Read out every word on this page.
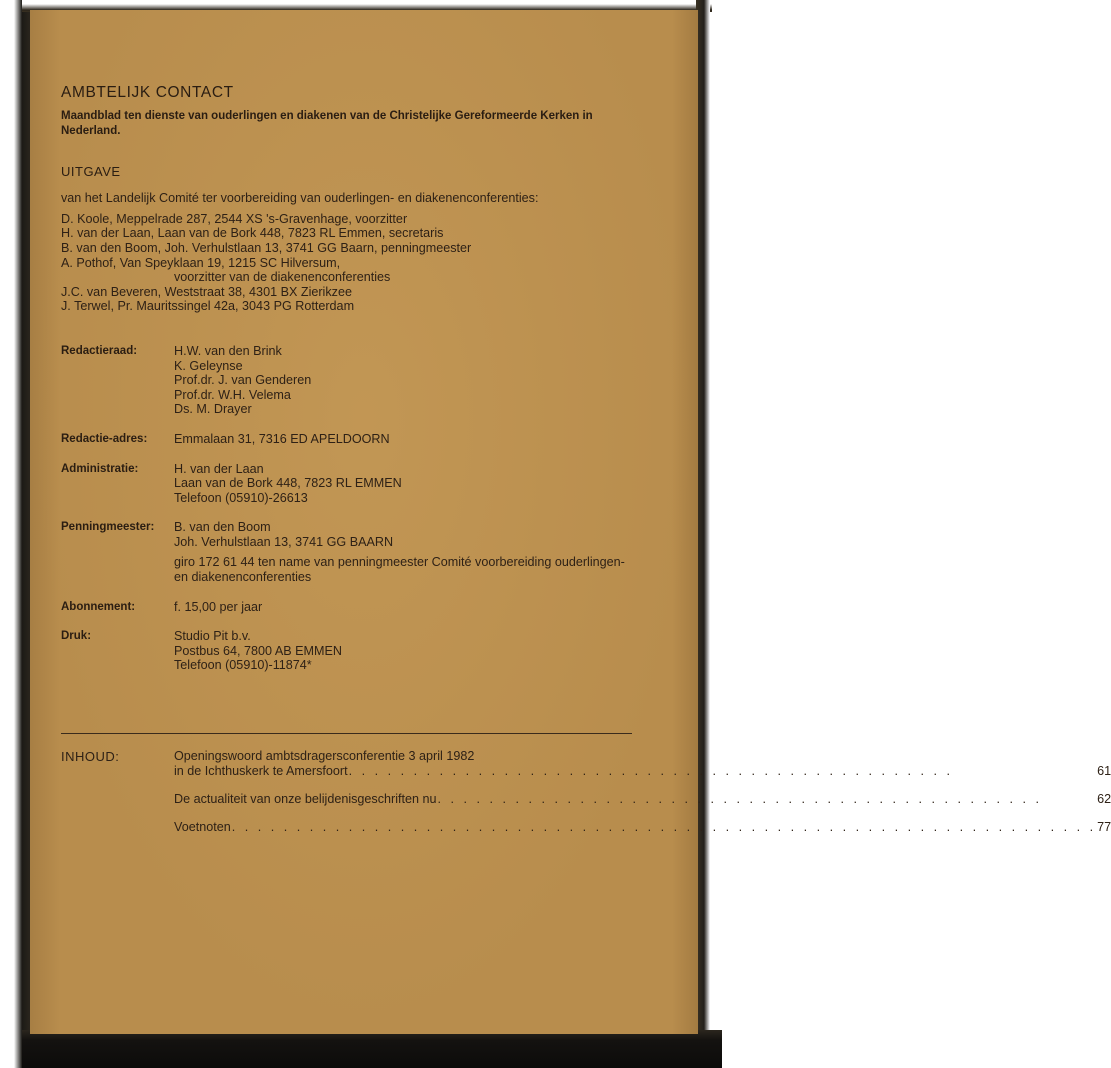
AMBTELIJK CONTACT

Maandblad ten dienste van ouderlingen en diakenen van de Christelijke Gereformeerde Kerken in Nederland.

UITGAVE

van het Landelijk Comité ter voorbereiding van ouderlingen- en diakenenconferenties:

D. Koole, Meppelrade 287, 2544 XS 's-Gravenhage, voorzitter
H. van der Laan, Laan van de Bork 448, 7823 RL Emmen, secretaris
B. van den Boom, Joh. Verhulstlaan 13, 3741 GG Baarn, penningmeester
A. Pothof, Van Speyklaan 19, 1215 SC Hilversum,
voorzitter van de diakenenconferenties
J.C. van Beveren, Weststraat 38, 4301 BX Zierikzee
J. Terwel, Pr. Mauritssingel 42a, 3043 PG Rotterdam
Redactieraad:	H.W. van den Brink
K. Geleynse
Prof.dr. J. van Genderen
Prof.dr. W.H. Velema
Ds. M. Drayer
Redactie-adres:	Emmalaan 31, 7316 ED APELDOORN
Administratie:	H. van der Laan
Laan van de Bork 448, 7823 RL EMMEN
Telefoon (05910)-26613
Penningmeester:	B. van den Boom
Joh. Verhulstlaan 13, 3741 GG BAARN
giro 172 61 44 ten name van penningmeester Comité voorbereiding ouderlingen- en diakenenconferenties
Abonnement:	f. 15,00 per jaar
Druk:	Studio Pit b.v.
Postbus 64, 7800 AB EMMEN
Telefoon (05910)-11874*
INHOUD:	Openingswoord ambtsdragersconferentie 3 april 1982
in de Ichthuskerk te Amersfoort . . . . . . . . . . . . . . . . . . . . . . . . . . . . . . . . . . . . . . . . . . . . . . .	61
De actualiteit van onze belijdenisgeschriften nu . . . . . . . . . . . . . . . . . . . . . . . . . . . . . . . . . . . . . . . . . . . . . . .	62
Voetnoten . . . . . . . . . . . . . . . . . . . . . . . . . . . . . . . . . . . . . . . . . . . . . . . . . . . . . . . . . . . . . . . . . . . 77
